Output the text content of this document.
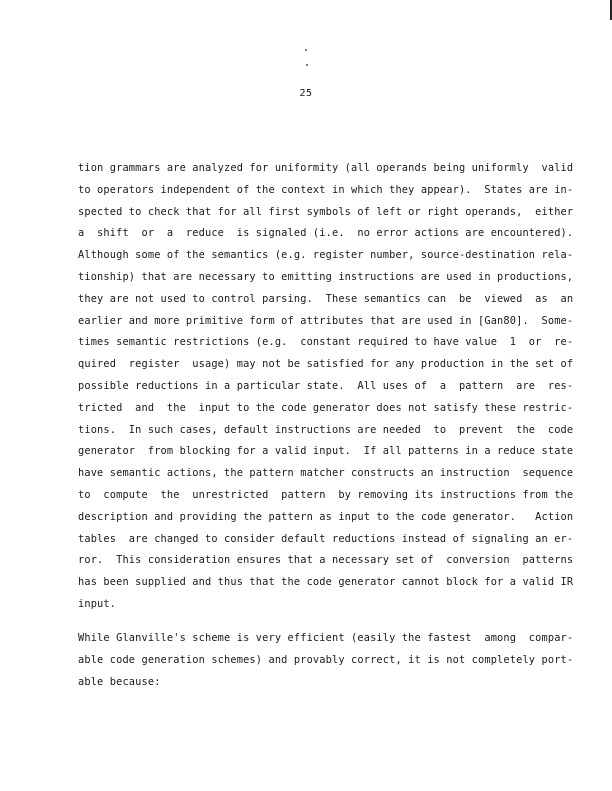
25
tion grammars are analyzed for uniformity (all operands being uniformly  valid
to operators independent of the context in which they appear).  States are in-
spected to check that for all first symbols of left or right operands,  either
a  shift  or  a  reduce  is signaled (i.e.  no error actions are encountered).
Although some of the semantics (e.g. register number, source-destination rela-
tionship) that are necessary to emitting instructions are used in productions,
they are not used to control parsing.  These semantics can  be  viewed  as  an
earlier and more primitive form of attributes that are used in [Gan80].  Some-
times semantic restrictions (e.g.  constant required to have value  1  or  re-
quired  register  usage) may not be satisfied for any production in the set of
possible reductions in a particular state.  All uses of  a  pattern  are  res-
tricted  and  the  input to the code generator does not satisfy these restric-
tions.  In such cases, default instructions are needed  to  prevent  the  code
generator  from blocking for a valid input.  If all patterns in a reduce state
have semantic actions, the pattern matcher constructs an instruction  sequence
to  compute  the  unrestricted  pattern  by removing its instructions from the
description and providing the pattern as input to the code generator.   Action
tables  are changed to consider default reductions instead of signaling an er-
ror.  This consideration ensures that a necessary set of  conversion  patterns
has been supplied and thus that the code generator cannot block for a valid IR
input.
While Glanville's scheme is very efficient (easily the fastest  among  compar-
able code generation schemes) and provably correct, it is not completely port-
able because:
